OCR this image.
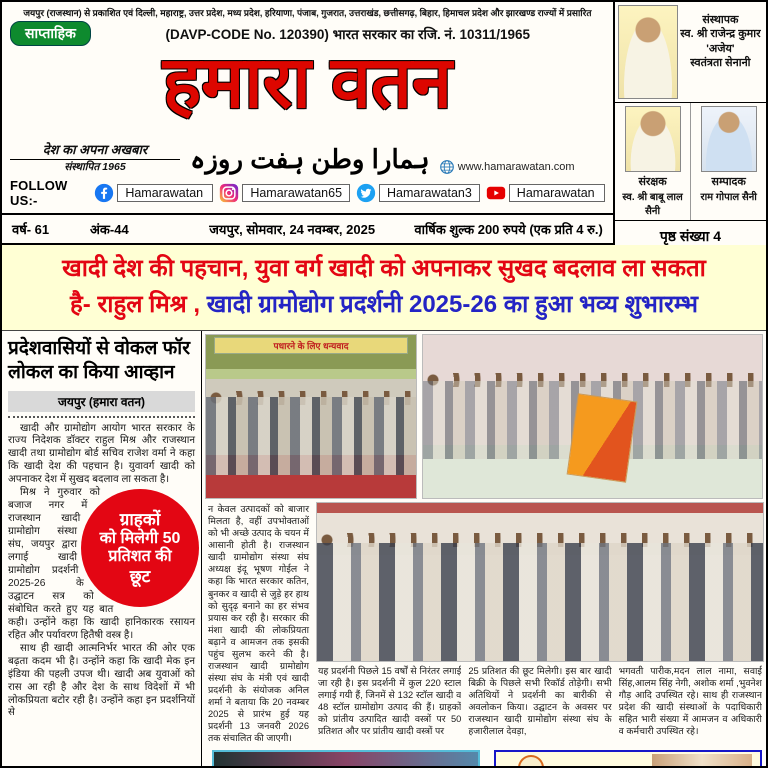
जयपुर (राजस्थान) से प्रकाशित एवं दिल्ली, महाराष्ट्र, उत्तर प्रदेश, मध्य प्रदेश, हरियाणा, पंजाब, गुजरात, उत्तराखंड, छत्तीसगढ़, बिहार, हिमाचल प्रदेश और झारखण्ड राज्यों में प्रसारित
साप्ताहिक	(DAVP-CODE No. 120390) भारत सरकार का रजि. नं. 10311/1965
हमारा वतन
देश का अपना अखबार
संस्थापित 1965	ہمارا وطن ہفت روزہ	www.hamarawatan.com
FOLLOW US:-	Hamarawatan	Hamarawatan65	Hamarawatan3	Hamarawatan
वर्ष- 61	अंक-44	जयपुर, सोमवार, 24 नवम्बर, 2025	वार्षिक शुल्क 200 रुपये (एक प्रति 4 रु.)
संस्थापक
स्व. श्री राजेन्द्र कुमार 'अजेय'
स्वतंत्रता सेनानी
संरक्षक
स्व. श्री बाबू लाल सैनी
सम्पादक
राम गोपाल सैनी
पृष्ठ संख्या 4
खादी देश की पहचान, युवा वर्ग खादी को अपनाकर सुखद बदलाव ला सकता
है- राहुल मिश्र , खादी ग्रामोद्योग प्रदर्शनी 2025-26 का हुआ भव्य शुभारम्भ
प्रदेशवासियों से वोकल फॉर लोकल का किया आव्हान
जयपुर (हमारा वतन)

खादी और ग्रामोद्योग आयोग भारत सरकार के राज्य निदेशक डॉक्टर राहुल मिश्र और राजस्थान खादी तथा ग्रामोद्योग बोर्ड सचिव राजेश वर्मा ने कहा कि खादी देश की पहचान है। युवावर्ग खादी को अपनाकर देश में सुखद बदलाव ला सकता है।

ग्राहकों
को मिलेगी 50
प्रतिशत की
छूट

मिश्र ने गुरुवार को बजाज नगर में राजस्थान खादी ग्रामोद्योग संस्था संघ, जयपुर द्वारा लगाई खादी ग्रामोद्योग प्रदर्शनी 2025-26 के उद्घाटन सत्र को संबोधित करते हुए यह बात कही। उन्होंने कहा कि खादी हानिकारक रसायन रहित और पर्यावरण हितैषी वस्त्र है।

साथ ही खादी आत्मनिर्भर भारत की ओर एक बढ़ता कदम भी है। उन्होंने कहा कि खादी मेक इन इंडिया की पहली उपज थी। खादी अब युवाओं को रास आ रही है और देश के साथ विदेशों में भी लोकप्रियता बटोर रही है। उन्होंने कहा इन प्रदर्शनियों से

पधारने के लिए धन्यवाद
न केवल उत्पादकों को बाजार मिलता है, वहीं उपभोक्ताओं को भी अच्छे उत्पाद के चयन में आसानी होती है। राजस्थान खादी ग्रामोद्योग संस्था संघ अध्यक्ष इंदू भूषण गोईल ने कहा कि भारत सरकार कतिन, बुनकर व खादी से जुड़े हर हाथ को सुदृढ़ बनाने का हर संभव प्रयास कर रही है। सरकार की मंशा खादी की लोकप्रियता बढ़ाने व आमजन तक इसकी पहुंच सुलभ करने की है। राजस्थान खादी ग्रामोद्योग संस्था संघ के मंत्री एवं खादी प्रदर्शनी के संयोजक अनिल शर्मा ने बताया कि 20 नवम्बर 2025 से प्रारंभ हुई यह प्रदर्शनी 13 जनवरी 2026 तक संचालित की जाएगी।
यह प्रदर्शनी पिछले 15 वर्षों से निरंतर लगाई जा रही है। इस प्रदर्शनी में कुल 220 स्टाल लगाई गयी हैं, जिनमें से 132 स्टॉल खादी व 48 स्टॉल ग्रामोद्योग उत्पाद की हैं। ग्राहकों को प्रांतीय उत्पादित खादी वस्त्रों पर 50 प्रतिशत और पर प्रांतीय खादी वस्त्रों पर
25 प्रतिशत की छूट मिलेगी। इस बार खादी बिक्री के पिछले सभी रिकॉर्ड तोड़ेगी। सभी अतिथियों ने प्रदर्शनी का बारीकी से अवलोकन किया। उद्घाटन के अवसर पर राजस्थान खादी ग्रामोद्योग संस्था संघ के हजारीलाल देवड़ा,
भगवती पारीक,मदन लाल नामा, सवाई सिंह,आलम सिंह नेगी, अशोक शर्मा ,भुवनेश गौड़ आदि उपस्थित रहे। साथ ही राजस्थान प्रदेश की खादी संस्थाओं के पदाधिकारी सहित भारी संख्या में आमजन व अधिकारी व कर्मचारी उपस्थित रहे।
